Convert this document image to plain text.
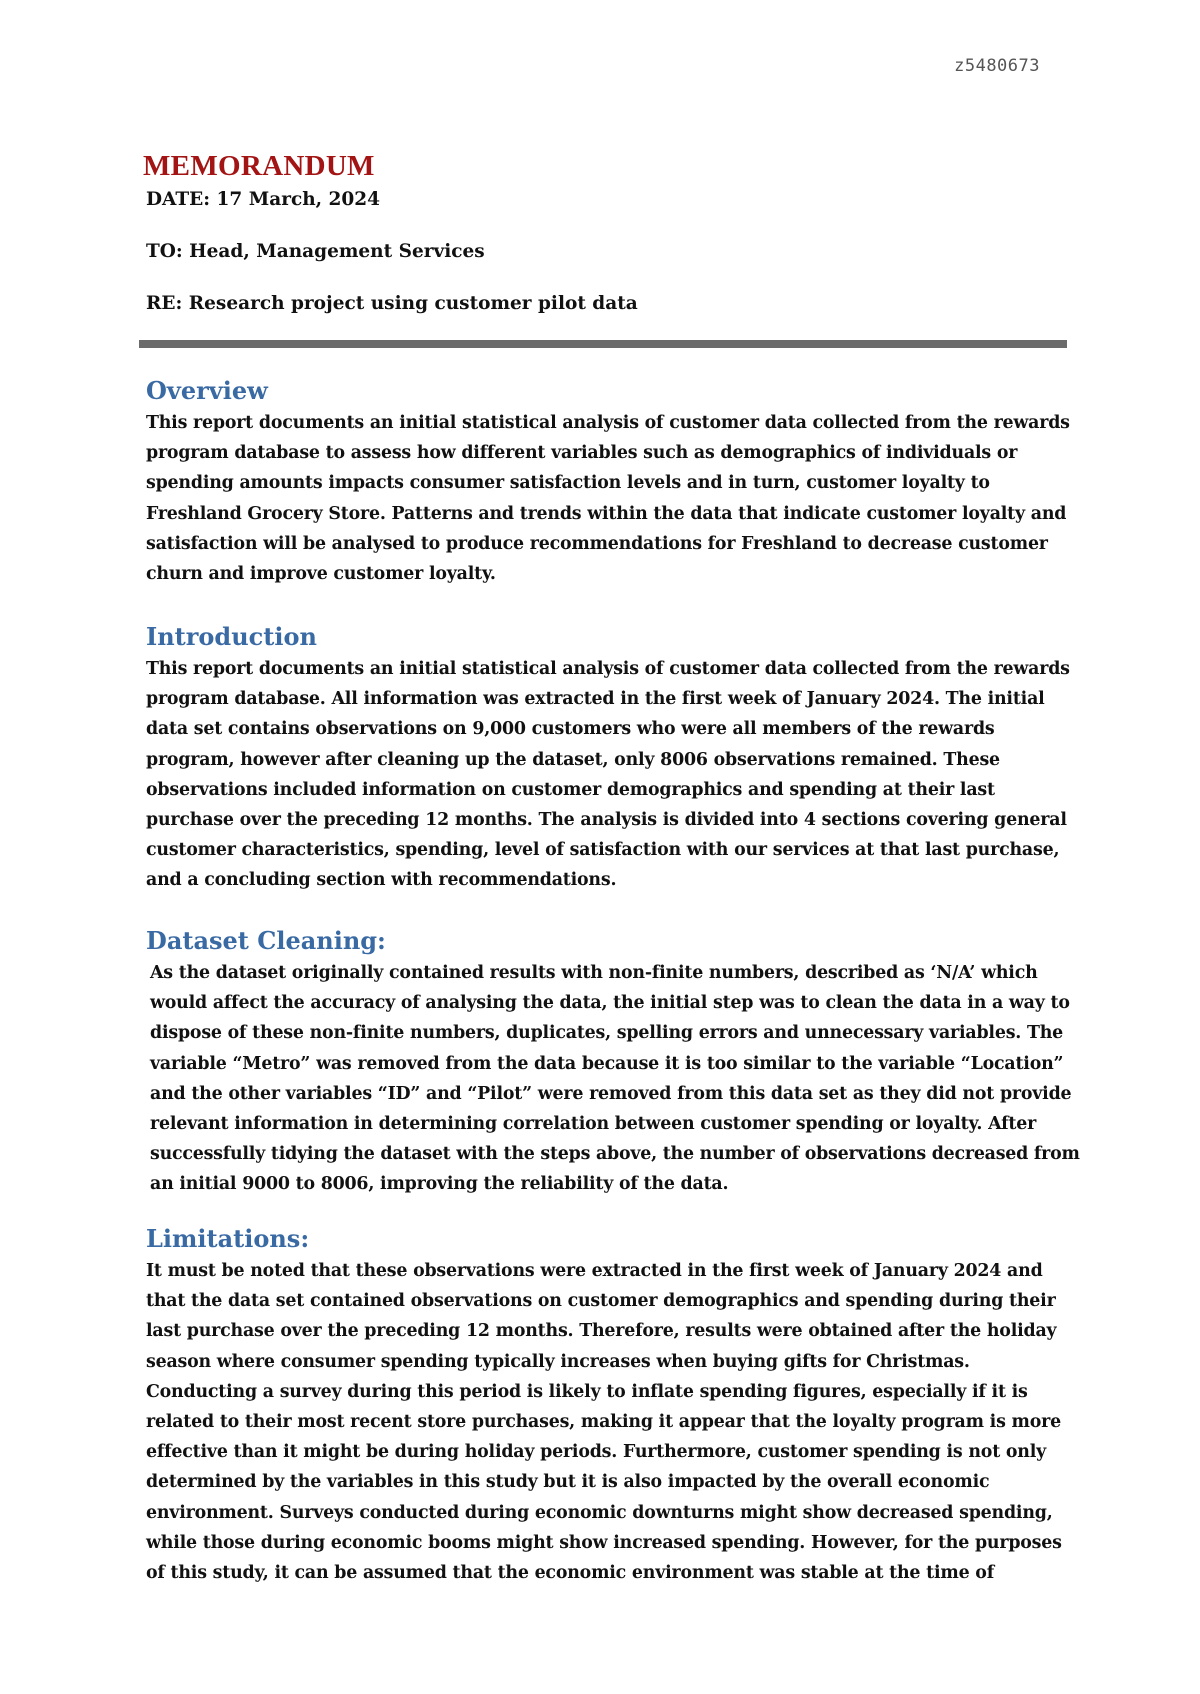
z5480673
MEMORANDUM
DATE: 17 March, 2024
TO: Head, Management Services
RE: Research project using customer pilot data
Overview
This report documents an initial statistical analysis of customer data collected from the rewards
program database to assess how different variables such as demographics of individuals or
spending amounts impacts consumer satisfaction levels and in turn, customer loyalty to
Freshland Grocery Store. Patterns and trends within the data that indicate customer loyalty and
satisfaction will be analysed to produce recommendations for Freshland to decrease customer
churn and improve customer loyalty.
Introduction
This report documents an initial statistical analysis of customer data collected from the rewards
program database. All information was extracted in the first week of January 2024. The initial
data set contains observations on 9,000 customers who were all members of the rewards
program, however after cleaning up the dataset, only 8006 observations remained. These
observations included information on customer demographics and spending at their last
purchase over the preceding 12 months. The analysis is divided into 4 sections covering general
customer characteristics, spending, level of satisfaction with our services at that last purchase,
and a concluding section with recommendations.
Dataset Cleaning:
As the dataset originally contained results with non-finite numbers, described as ‘N/A’ which
would affect the accuracy of analysing the data, the initial step was to clean the data in a way to
dispose of these non-finite numbers, duplicates, spelling errors and unnecessary variables. The
variable “Metro” was removed from the data because it is too similar to the variable “Location”
and the other variables “ID” and “Pilot” were removed from this data set as they did not provide
relevant information in determining correlation between customer spending or loyalty. After
successfully tidying the dataset with the steps above, the number of observations decreased from
an initial 9000 to 8006, improving the reliability of the data.
Limitations:
It must be noted that these observations were extracted in the first week of January 2024 and
that the data set contained observations on customer demographics and spending during their
last purchase over the preceding 12 months. Therefore, results were obtained after the holiday
season where consumer spending typically increases when buying gifts for Christmas.
Conducting a survey during this period is likely to inflate spending figures, especially if it is
related to their most recent store purchases, making it appear that the loyalty program is more
effective than it might be during holiday periods. Furthermore, customer spending is not only
determined by the variables in this study but it is also impacted by the overall economic
environment. Surveys conducted during economic downturns might show decreased spending,
while those during economic booms might show increased spending. However, for the purposes
of this study, it can be assumed that the economic environment was stable at the time of
